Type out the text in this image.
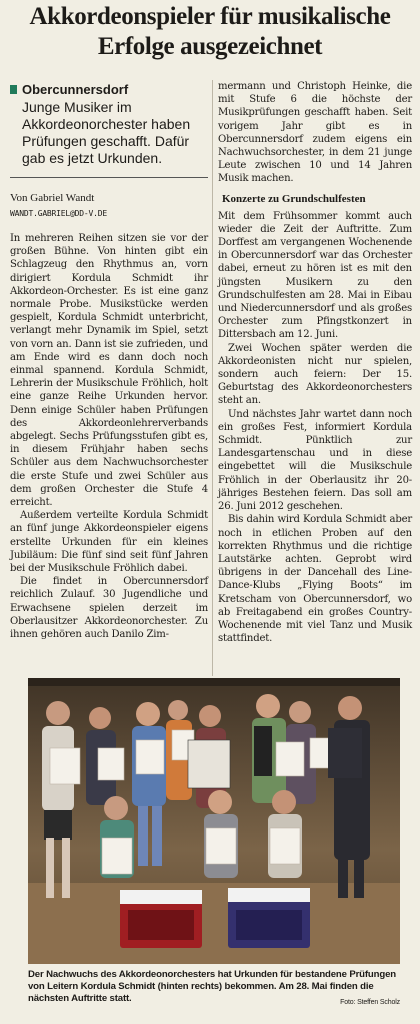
Akkordeonspieler für musikalische
Erfolge ausgezeichnet

Obercunnersdorf

Junge Musiker im Akkordeonorchester haben Prüfungen geschafft. Dafür gab es jetzt Urkunden.

Von Gabriel Wandt

WANDT.GABRIEL@DD-V.DE

In mehreren Reihen sitzen sie vor der großen Bühne. Von hinten gibt ein Schlagzeug den Rhythmus an, vorn dirigiert Kordula Schmidt ihr Akkordeon-Orchester. Es ist eine ganz normale Probe. Musikstücke werden gespielt, Kordula Schmidt unterbricht, verlangt mehr Dynamik im Spiel, setzt von vorn an. Dann ist sie zufrieden, und am Ende wird es dann doch noch einmal spannend. Kordula Schmidt, Lehrerin der Musikschule Fröhlich, holt eine ganze Reihe Urkunden hervor. Denn einige Schüler haben Prüfungen des Akkordeonlehrerverbands abgelegt. Sechs Prüfungsstufen gibt es, in diesem Frühjahr haben sechs Schüler aus dem Nachwuchsorchester die erste Stufe und zwei Schüler aus dem großen Orchester die Stufe 4 erreicht.

Außerdem verteilte Kordula Schmidt an fünf junge Akkordeonspieler eigens erstellte Urkunden für ein kleines Jubiläum: Die fünf sind seit fünf Jahren bei der Musikschule Fröhlich dabei.

Die findet in Obercunnersdorf reichlich Zulauf. 30 Jugendliche und Erwachsene spielen derzeit im Oberlausitzer Akkordeonorchester. Zu ihnen gehören auch Danilo Zim-

mermann und Christoph Heinke, die mit Stufe 6 die höchste der Musikprüfungen geschafft haben. Seit vorigem Jahr gibt es in Obercunnersdorf zudem eigens ein Nachwuchsorchester, in dem 21 junge Leute zwischen 10 und 14 Jahren Musik machen.

Konzerte zu Grundschulfesten

Mit dem Frühsommer kommt auch wieder die Zeit der Auftritte. Zum Dorffest am vergangenen Wochenende in Obercunnersdorf war das Orchester dabei, erneut zu hören ist es mit den jüngsten Musikern zu den Grundschulfesten am 28. Mai in Eibau und Niedercunnersdorf und als großes Orchester zum Pfingstkonzert in Dittersbach am 12. Juni.

Zwei Wochen später werden die Akkordeonisten nicht nur spielen, sondern auch feiern: Der 15. Geburtstag des Akkordeonorchesters steht an.

Und nächstes Jahr wartet dann noch ein großes Fest, informiert Kordula Schmidt. Pünktlich zur Landesgartenschau und in diese eingebettet will die Musikschule Fröhlich in der Oberlausitz ihr 20-jähriges Bestehen feiern. Das soll am 26. Juni 2012 geschehen.

Bis dahin wird Kordula Schmidt aber noch in etlichen Proben auf den korrekten Rhythmus und die richtige Lautstärke achten. Geprobt wird übrigens in der Dancehall des Line-Dance-Klubs „Flying Boots“ im Kretscham von Obercunnersdorf, wo ab Freitagabend ein großes Country-Wochenende mit viel Tanz und Musik stattfindet.

Der Nachwuchs des Akkordeonorchesters hat Urkunden für bestandene Prüfungen von Leitern Kordula Schmidt (hinten rechts) bekommen. Am 28. Mai finden die nächsten Auftritte statt.	Foto: Steffen Scholz
